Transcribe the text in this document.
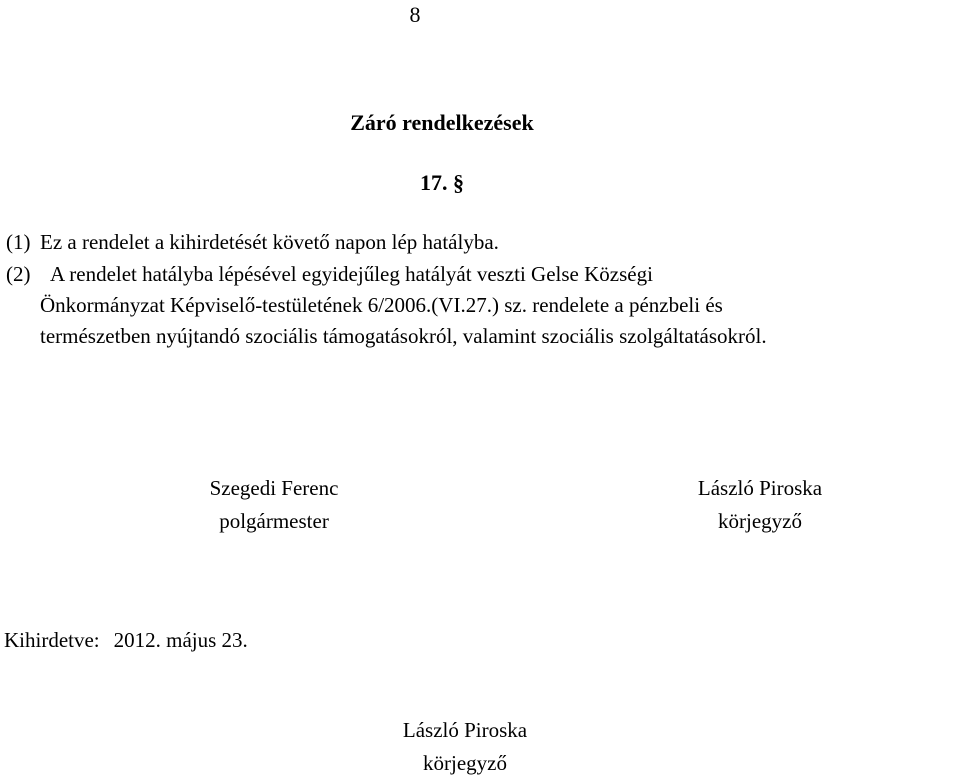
8
Záró rendelkezések
17. §
(1) Ez a rendelet a kihirdetését követő napon lép hatályba.
(2) A rendelet hatályba lépésével egyidejűleg hatályát veszti Gelse Községi
Önkormányzat Képviselő-testületének 6/2006.(VI.27.) sz. rendelete a pénzbeli és
természetben nyújtandó szociális támogatásokról, valamint szociális szolgáltatásokról.
Szegedi Ferenc
polgármester
László Piroska
körjegyző
Kihirdetve: 2012. május 23.
László Piroska
körjegyző
